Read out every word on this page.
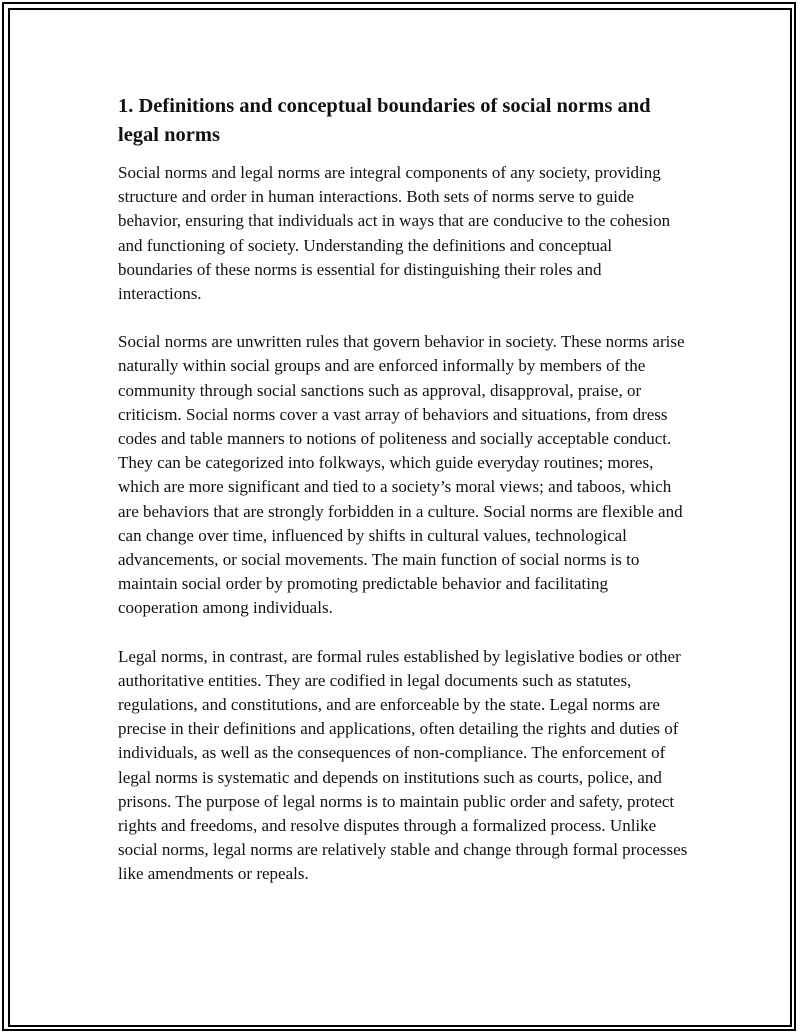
1. Definitions and conceptual boundaries of social norms and legal norms

Social norms and legal norms are integral components of any society, providing structure and order in human interactions. Both sets of norms serve to guide behavior, ensuring that individuals act in ways that are conducive to the cohesion and functioning of society. Understanding the definitions and conceptual boundaries of these norms is essential for distinguishing their roles and interactions.

Social norms are unwritten rules that govern behavior in society. These norms arise naturally within social groups and are enforced informally by members of the community through social sanctions such as approval, disapproval, praise, or criticism. Social norms cover a vast array of behaviors and situations, from dress codes and table manners to notions of politeness and socially acceptable conduct. They can be categorized into folkways, which guide everyday routines; mores, which are more significant and tied to a society’s moral views; and taboos, which are behaviors that are strongly forbidden in a culture. Social norms are flexible and can change over time, influenced by shifts in cultural values, technological advancements, or social movements. The main function of social norms is to maintain social order by promoting predictable behavior and facilitating cooperation among individuals.

Legal norms, in contrast, are formal rules established by legislative bodies or other authoritative entities. They are codified in legal documents such as statutes, regulations, and constitutions, and are enforceable by the state. Legal norms are precise in their definitions and applications, often detailing the rights and duties of individuals, as well as the consequences of non-compliance. The enforcement of legal norms is systematic and depends on institutions such as courts, police, and prisons. The purpose of legal norms is to maintain public order and safety, protect rights and freedoms, and resolve disputes through a formalized process. Unlike social norms, legal norms are relatively stable and change through formal processes like amendments or repeals.
